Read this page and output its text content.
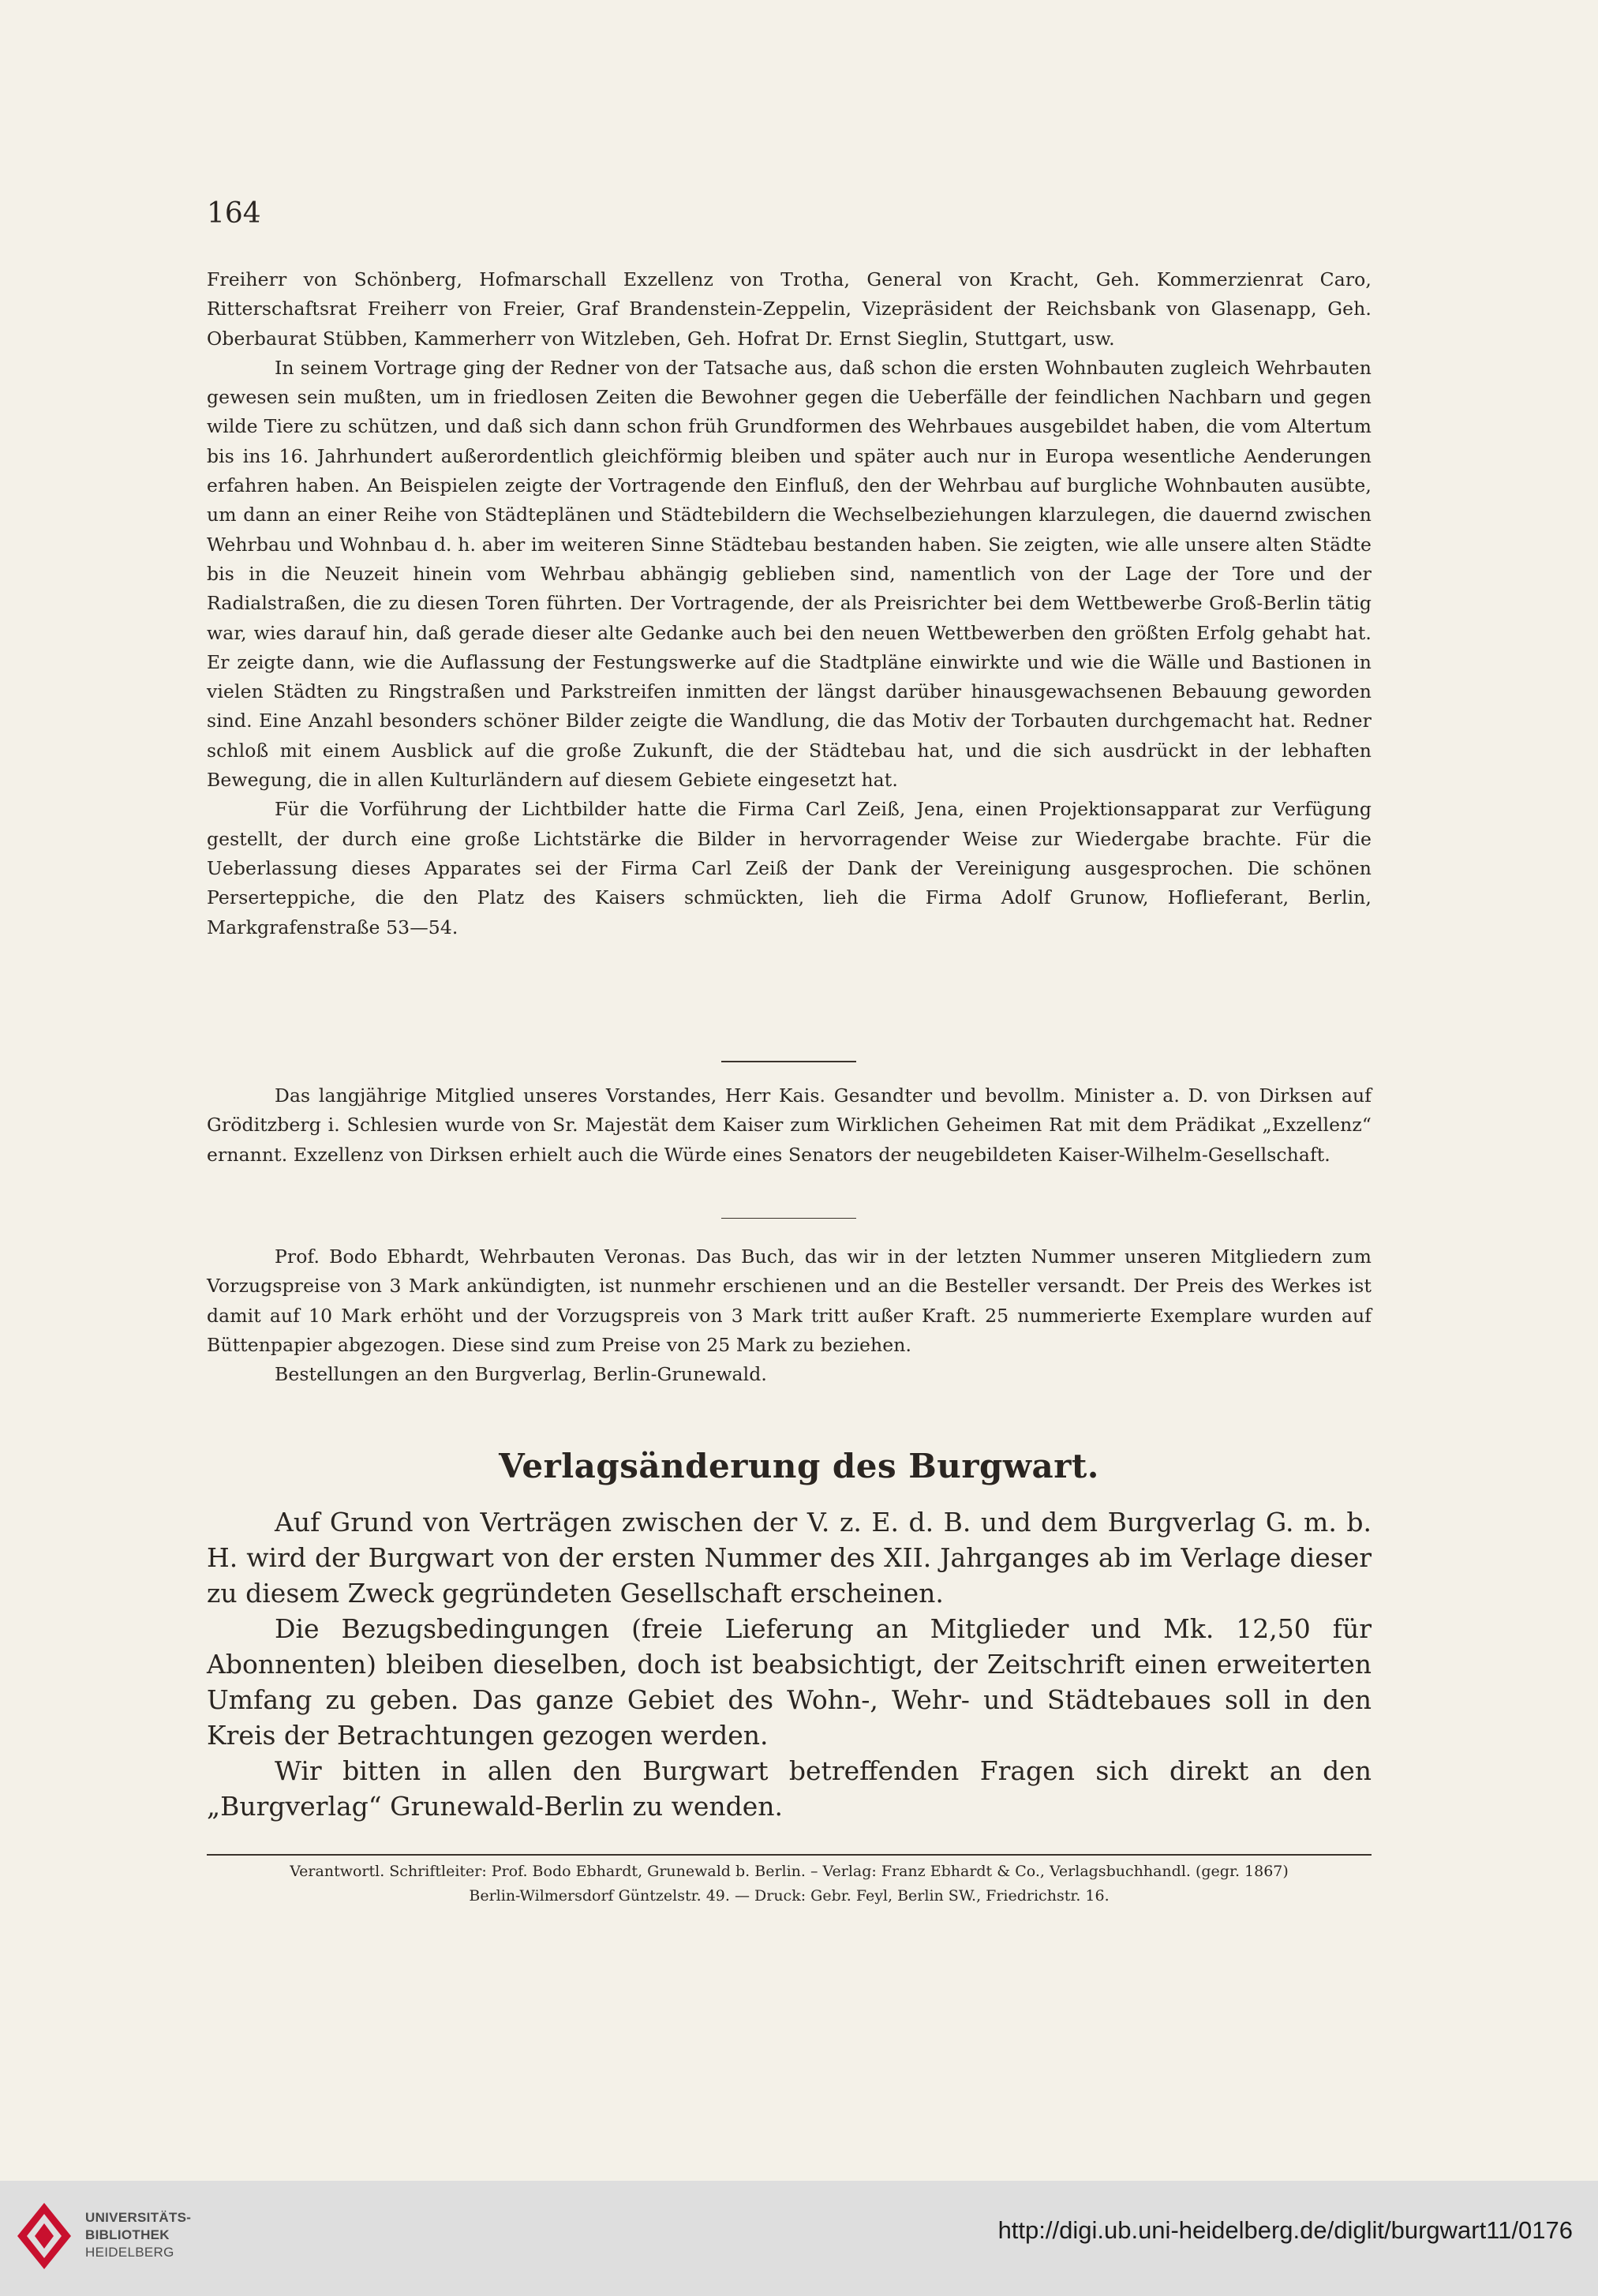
164

Freiherr von Schönberg, Hofmarschall Exzellenz von Trotha, General von Kracht, Geh. Kommerzienrat Caro, Ritterschaftsrat Freiherr von Freier, Graf Brandenstein-Zeppelin, Vizepräsident der Reichsbank von Glasenapp, Geh. Oberbaurat Stübben, Kammerherr von Witzleben, Geh. Hofrat Dr. Ernst Sieglin, Stuttgart, usw.

In seinem Vortrage ging der Redner von der Tatsache aus, daß schon die ersten Wohnbauten zugleich Wehrbauten gewesen sein mußten, um in friedlosen Zeiten die Bewohner gegen die Ueberfälle der feindlichen Nachbarn und gegen wilde Tiere zu schützen, und daß sich dann schon früh Grundformen des Wehrbaues ausgebildet haben, die vom Altertum bis ins 16. Jahrhundert außerordentlich gleichförmig bleiben und später auch nur in Europa wesentliche Aenderungen erfahren haben. An Beispielen zeigte der Vortragende den Einfluß, den der Wehrbau auf burgliche Wohnbauten ausübte, um dann an einer Reihe von Städteplänen und Städtebildern die Wechselbeziehungen klarzulegen, die dauernd zwischen Wehrbau und Wohnbau d. h. aber im weiteren Sinne Städtebau bestanden haben. Sie zeigten, wie alle unsere alten Städte bis in die Neuzeit hinein vom Wehrbau abhängig geblieben sind, namentlich von der Lage der Tore und der Radialstraßen, die zu diesen Toren führten. Der Vortragende, der als Preisrichter bei dem Wettbewerbe Groß-Berlin tätig war, wies darauf hin, daß gerade dieser alte Gedanke auch bei den neuen Wettbewerben den größten Erfolg gehabt hat. Er zeigte dann, wie die Auflassung der Festungswerke auf die Stadtpläne einwirkte und wie die Wälle und Bastionen in vielen Städten zu Ringstraßen und Parkstreifen inmitten der längst darüber hinausgewachsenen Bebauung geworden sind. Eine Anzahl besonders schöner Bilder zeigte die Wandlung, die das Motiv der Torbauten durchgemacht hat. Redner schloß mit einem Ausblick auf die große Zukunft, die der Städtebau hat, und die sich ausdrückt in der lebhaften Bewegung, die in allen Kulturländern auf diesem Gebiete eingesetzt hat.

Für die Vorführung der Lichtbilder hatte die Firma Carl Zeiß, Jena, einen Projektionsapparat zur Verfügung gestellt, der durch eine große Lichtstärke die Bilder in hervorragender Weise zur Wiedergabe brachte. Für die Ueberlassung dieses Apparates sei der Firma Carl Zeiß der Dank der Vereinigung ausgesprochen. Die schönen Perserteppiche, die den Platz des Kaisers schmückten, lieh die Firma Adolf Grunow, Hoflieferant, Berlin, Markgrafenstraße 53—54.

Das langjährige Mitglied unseres Vorstandes, Herr Kais. Gesandter und bevollm. Minister a. D. von Dirksen auf Gröditzberg i. Schlesien wurde von Sr. Majestät dem Kaiser zum Wirklichen Geheimen Rat mit dem Prädikat „Exzellenz“ ernannt. Exzellenz von Dirksen erhielt auch die Würde eines Senators der neugebildeten Kaiser-Wilhelm-Gesellschaft.

Prof. Bodo Ebhardt, Wehrbauten Veronas. Das Buch, das wir in der letzten Nummer unseren Mitgliedern zum Vorzugspreise von 3 Mark ankündigten, ist nunmehr erschienen und an die Besteller versandt. Der Preis des Werkes ist damit auf 10 Mark erhöht und der Vorzugspreis von 3 Mark tritt außer Kraft. 25 nummerierte Exemplare wurden auf Büttenpapier abgezogen. Diese sind zum Preise von 25 Mark zu beziehen.

Bestellungen an den Burgverlag, Berlin-Grunewald.

Verlagsänderung des Burgwart.

Auf Grund von Verträgen zwischen der V. z. E. d. B. und dem Burgverlag G. m. b. H. wird der Burgwart von der ersten Nummer des XII. Jahrganges ab im Verlage dieser zu diesem Zweck gegründeten Gesellschaft erscheinen.

Die Bezugsbedingungen (freie Lieferung an Mitglieder und Mk. 12,50 für Abonnenten) bleiben dieselben, doch ist beabsichtigt, der Zeitschrift einen erweiterten Umfang zu geben. Das ganze Gebiet des Wohn-, Wehr- und Städtebaues soll in den Kreis der Betrachtungen gezogen werden.

Wir bitten in allen den Burgwart betreffenden Fragen sich direkt an den „Burgverlag“ Grunewald-Berlin zu wenden.

Verantwortl. Schriftleiter: Prof. Bodo Ebhardt, Grunewald b. Berlin. – Verlag: Franz Ebhardt & Co., Verlagsbuchhandl. (gegr. 1867)
Berlin-Wilmersdorf Güntzelstr. 49. — Druck: Gebr. Feyl, Berlin SW., Friedrichstr. 16.
UNIVERSITÄTS-
BIBLIOTHEK
HEIDELBERG
http://digi.ub.uni-heidelberg.de/diglit/burgwart11/0176
